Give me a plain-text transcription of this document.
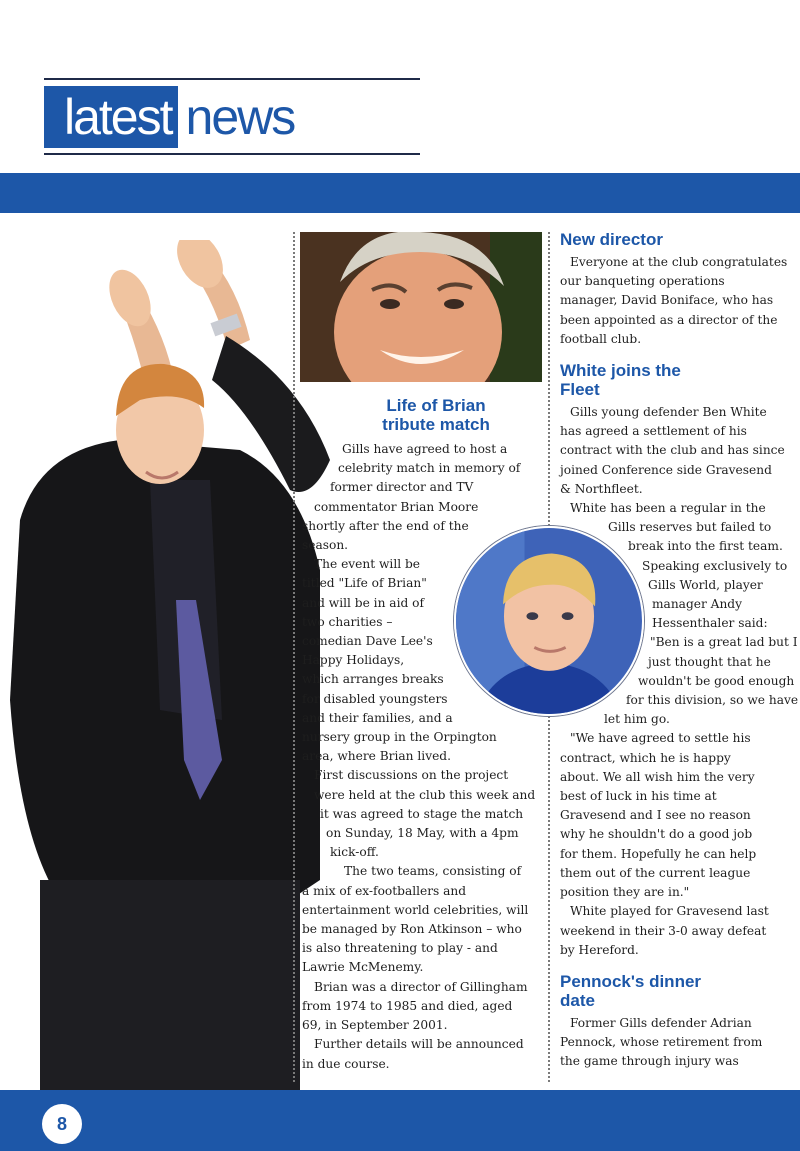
latest news
Life of Brian
tribute match

Gills have agreed to host a

celebrity match in memory of

former director and TV

commentator Brian Moore

shortly after the end of the

season.

The event will be

titled "Life of Brian"

and will be in aid of

two charities –

comedian Dave Lee's

Happy Holidays,

which arranges breaks

for disabled youngsters

and their families, and a

nursery group in the Orpington

area, where Brian lived.

First discussions on the project

were held at the club this week and

it was agreed to stage the match

on Sunday, 18 May, with a 4pm

kick-off.

The two teams, consisting of

a mix of ex-footballers and

entertainment world celebrities, will

be managed by Ron Atkinson – who

is also threatening to play - and

Lawrie McMenemy.

Brian was a director of Gillingham

from 1974 to 1985 and died, aged

69, in September 2001.

Further details will be announced

in due course.

New director

Everyone at the club congratulates

our banqueting operations

manager, David Boniface, who has

been appointed as a director of the

football club.

White joins the
Fleet

Gills young defender Ben White

has agreed a settlement of his

contract with the club and has since

joined Conference side Gravesend

& Northfleet.

White has been a regular in the

Gills reserves but failed to

break into the first team.

Speaking exclusively to

Gills World, player

manager Andy

Hessenthaler said:

"Ben is a great lad but I

just thought that he

wouldn't be good enough

for this division, so we have

let him go.

"We have agreed to settle his

contract, which he is happy

about. We all wish him the very

best of luck in his time at

Gravesend and I see no reason

why he shouldn't do a good job

for them. Hopefully he can help

them out of the current league

position they are in."

White played for Gravesend last

weekend in their 3-0 away defeat

by Hereford.

Pennock's dinner
date

Former Gills defender Adrian

Pennock, whose retirement from

the game through injury was

8
